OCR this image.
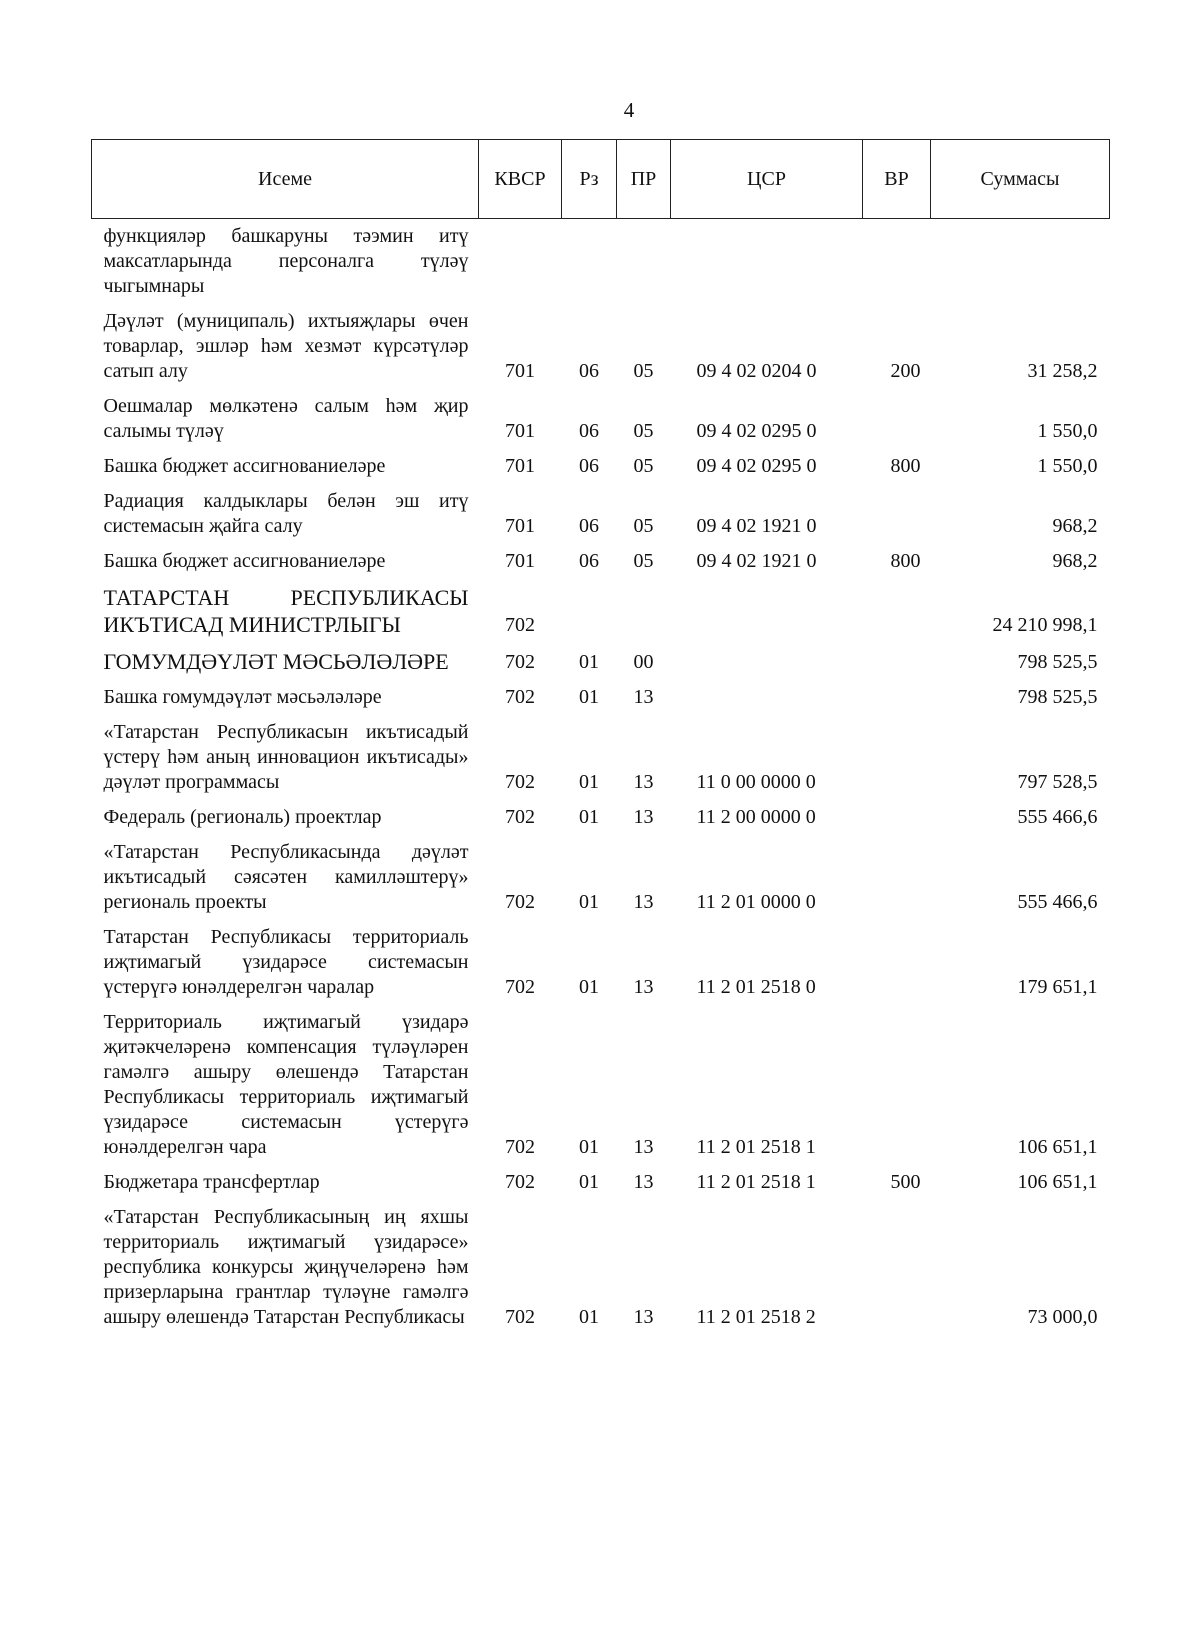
4
Исеме	КВСР	Рз	ПР	ЦСР	ВР	Суммасы
функцияләр башкаруны тәэмин итү максатларында персоналга түләү чыгымнары						
Дәүләт (муниципаль) ихтыяҗлары өчен товарлар, эшләр һәм хезмәт күрсәтүләр сатып алу	701	06	05	09 4 02 0204 0	200	31 258,2
Оешмалар мөлкәтенә салым һәм җир салымы түләү	701	06	05	09 4 02 0295 0		1 550,0
Башка бюджет ассигнованиеләре	701	06	05	09 4 02 0295 0	800	1 550,0
Радиация калдыклары белән эш итү системасын җайга салу	701	06	05	09 4 02 1921 0		968,2
Башка бюджет ассигнованиеләре	701	06	05	09 4 02 1921 0	800	968,2
ТАТАРСТАН РЕСПУБЛИКАСЫ ИКЪТИСАД МИНИСТРЛЫГЫ	702					24 210 998,1
ГОМУМДӘҮЛӘТ МӘСЬӘЛӘЛӘРЕ	702	01	00			798 525,5
Башка гомумдәүләт мәсьәләләре	702	01	13			798 525,5
«Татарстан Республикасын икътисадый үстерү һәм аның инновацион икътисады» дәүләт программасы	702	01	13	11 0 00 0000 0		797 528,5
Федераль (региональ) проектлар	702	01	13	11 2 00 0000 0		555 466,6
«Татарстан Республикасында дәүләт икътисадый сәясәтен камилләштерү» региональ проекты	702	01	13	11 2 01 0000 0		555 466,6
Татарстан Республикасы территориаль иҗтимагый үзидарәсе системасын үстерүгә юнәлдерелгән чаралар	702	01	13	11 2 01 2518 0		179 651,1
Территориаль иҗтимагый үзидарә җитәкчеләренә компенсация түләүләрен гамәлгә ашыру өлешендә Татарстан Республикасы территориаль иҗтимагый үзидарәсе системасын үстерүгә юнәлдерелгән чара	702	01	13	11 2 01 2518 1		106 651,1
Бюджетара трансфертлар	702	01	13	11 2 01 2518 1	500	106 651,1
«Татарстан Республикасының иң яхшы территориаль иҗтимагый үзидарәсе» республика конкурсы җиңүчеләренә һәм призерларына грантлар түләүне гамәлгә ашыру өлешендә Татарстан Республикасы	702	01	13	11 2 01 2518 2		73 000,0
